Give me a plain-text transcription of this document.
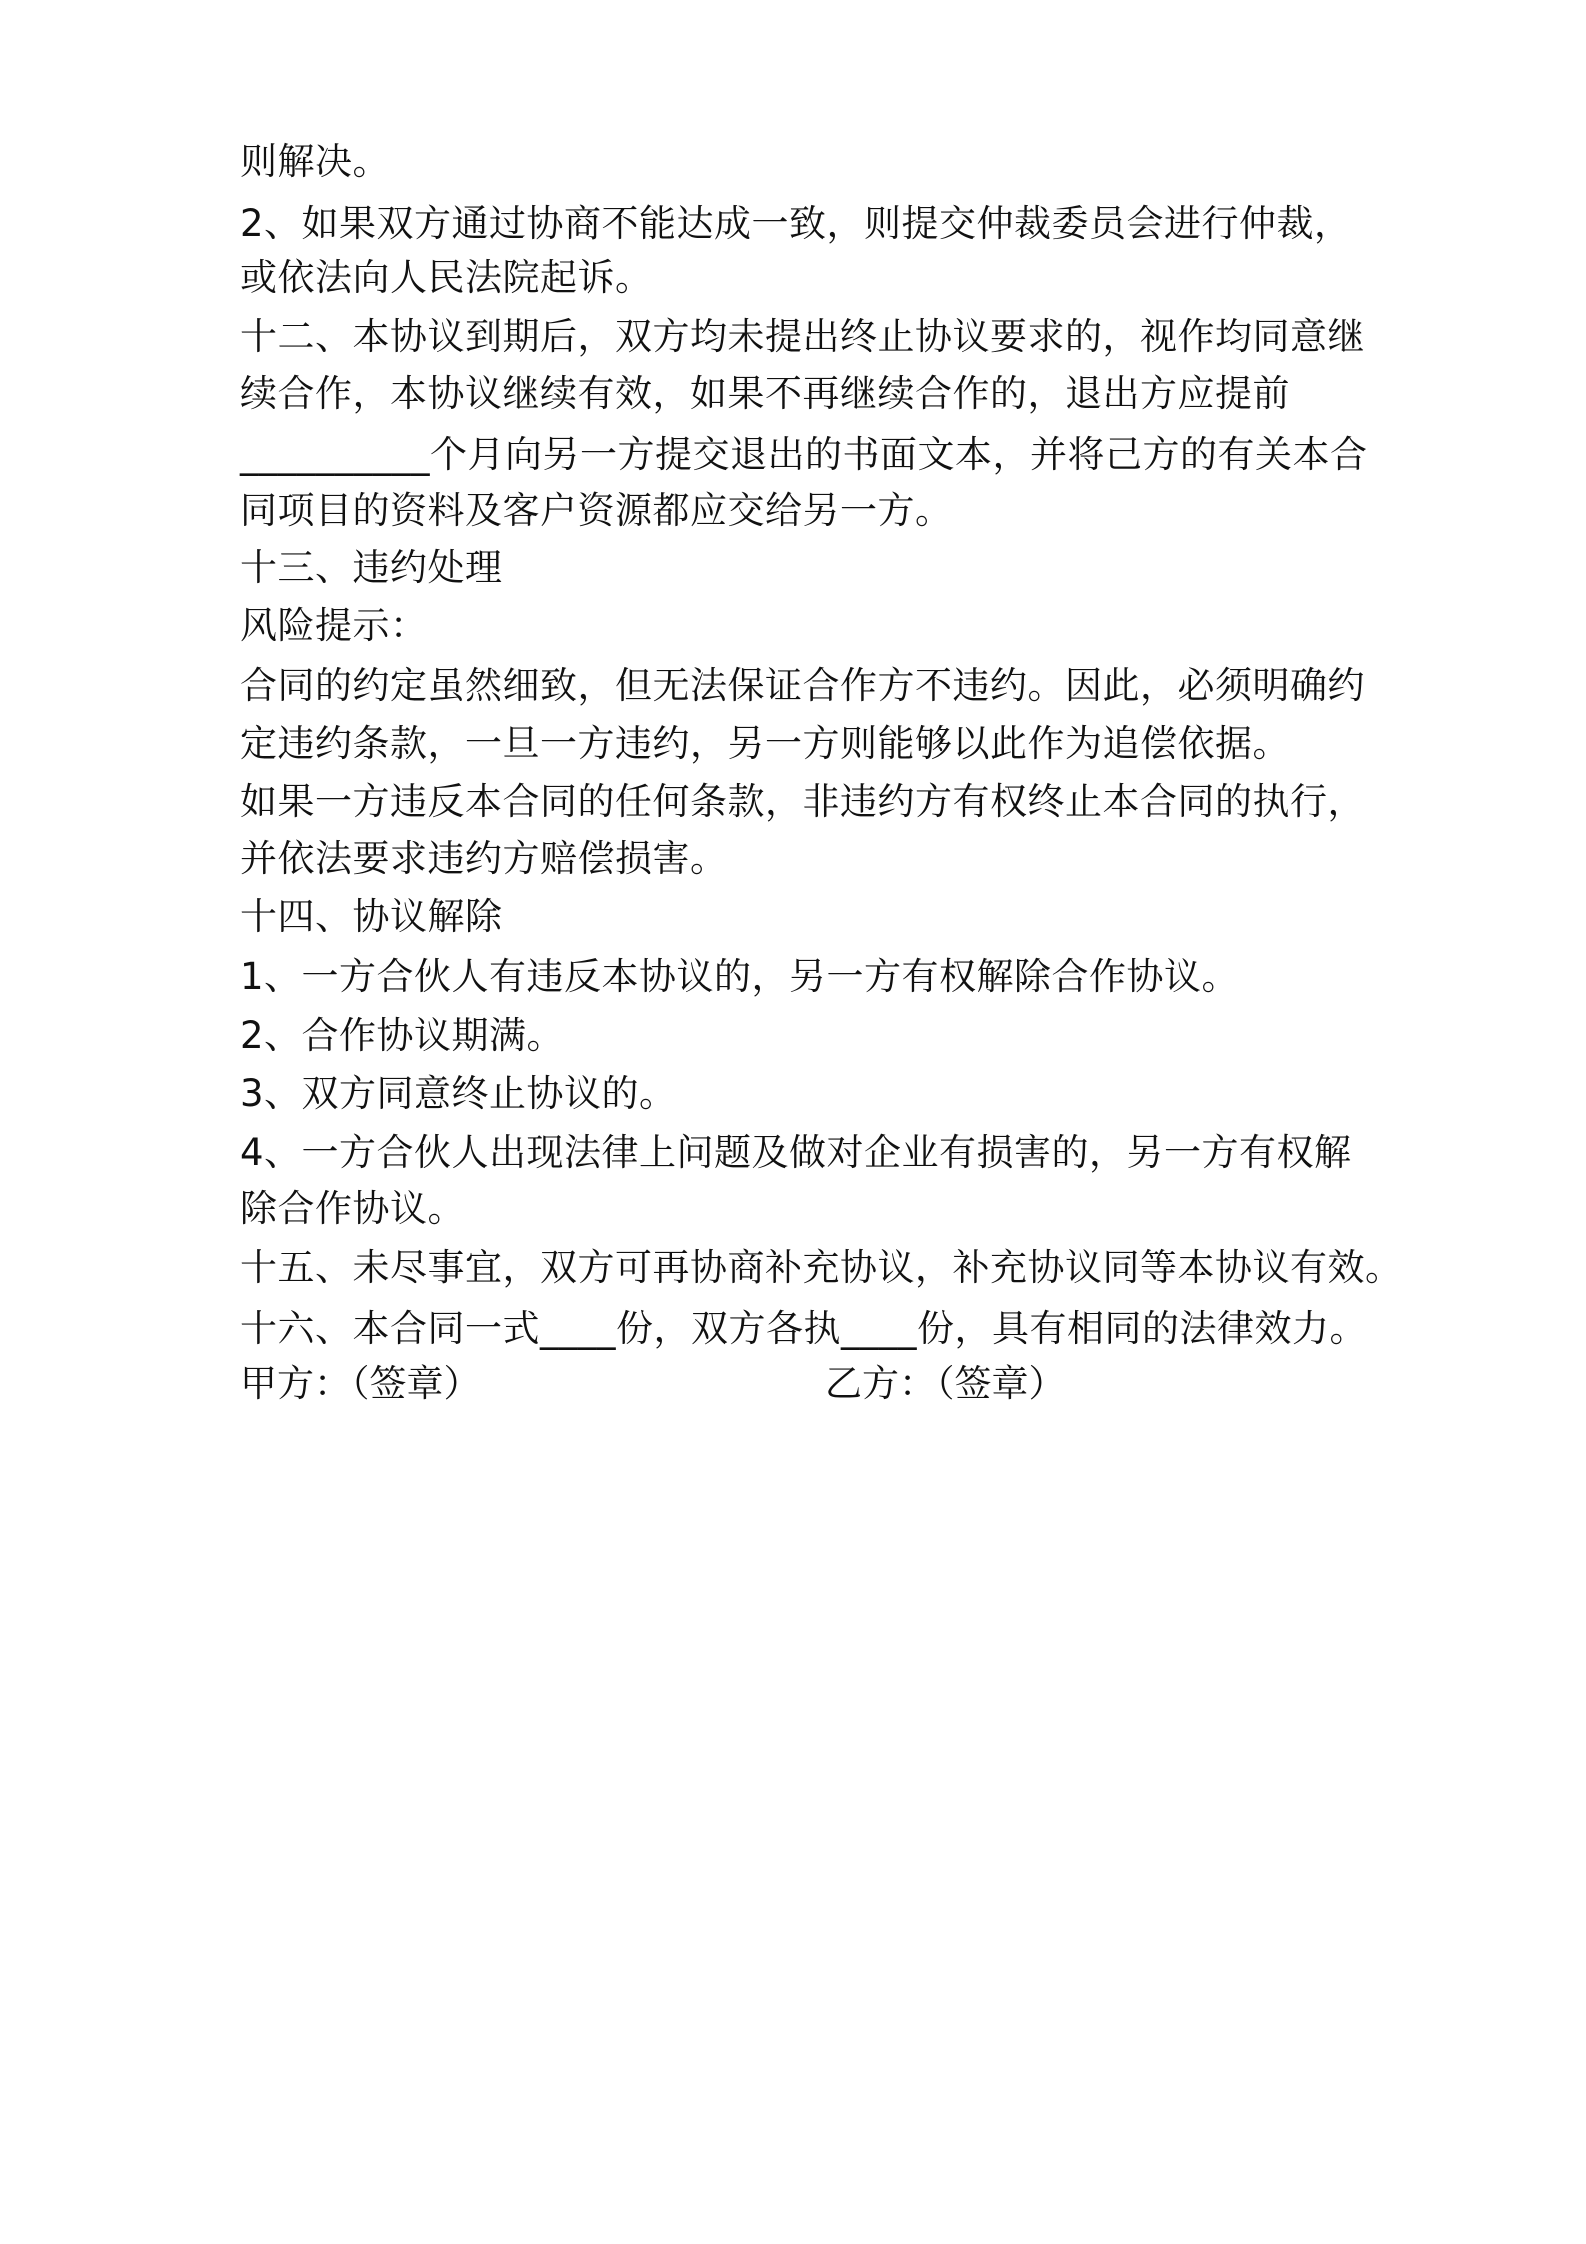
则解决。
2、如果双方通过协商不能达成一致，则提交仲裁委员会进行仲裁，
或依法向人民法院起诉。
十二、本协议到期后，双方均未提出终止协议要求的，视作均同意继
续合作，本协议继续有效，如果不再继续合作的，退出方应提前
__________个月向另一方提交退出的书面文本，并将己方的有关本合
同项目的资料及客户资源都应交给另一方。
十三、违约处理
风险提示：
合同的约定虽然细致，但无法保证合作方不违约。因此，必须明确约
定违约条款，一旦一方违约，另一方则能够以此作为追偿依据。
如果一方违反本合同的任何条款，非违约方有权终止本合同的执行，
并依法要求违约方赔偿损害。
十四、协议解除
1、一方合伙人有违反本协议的，另一方有权解除合作协议。
2、合作协议期满。
3、双方同意终止协议的。
4、一方合伙人出现法律上问题及做对企业有损害的，另一方有权解
除合作协议。
十五、未尽事宜，双方可再协商补充协议，补充协议同等本协议有效。
十六、本合同一式____份，双方各执____份，具有相同的法律效力。
甲方：（签章）	乙方：（签章）
